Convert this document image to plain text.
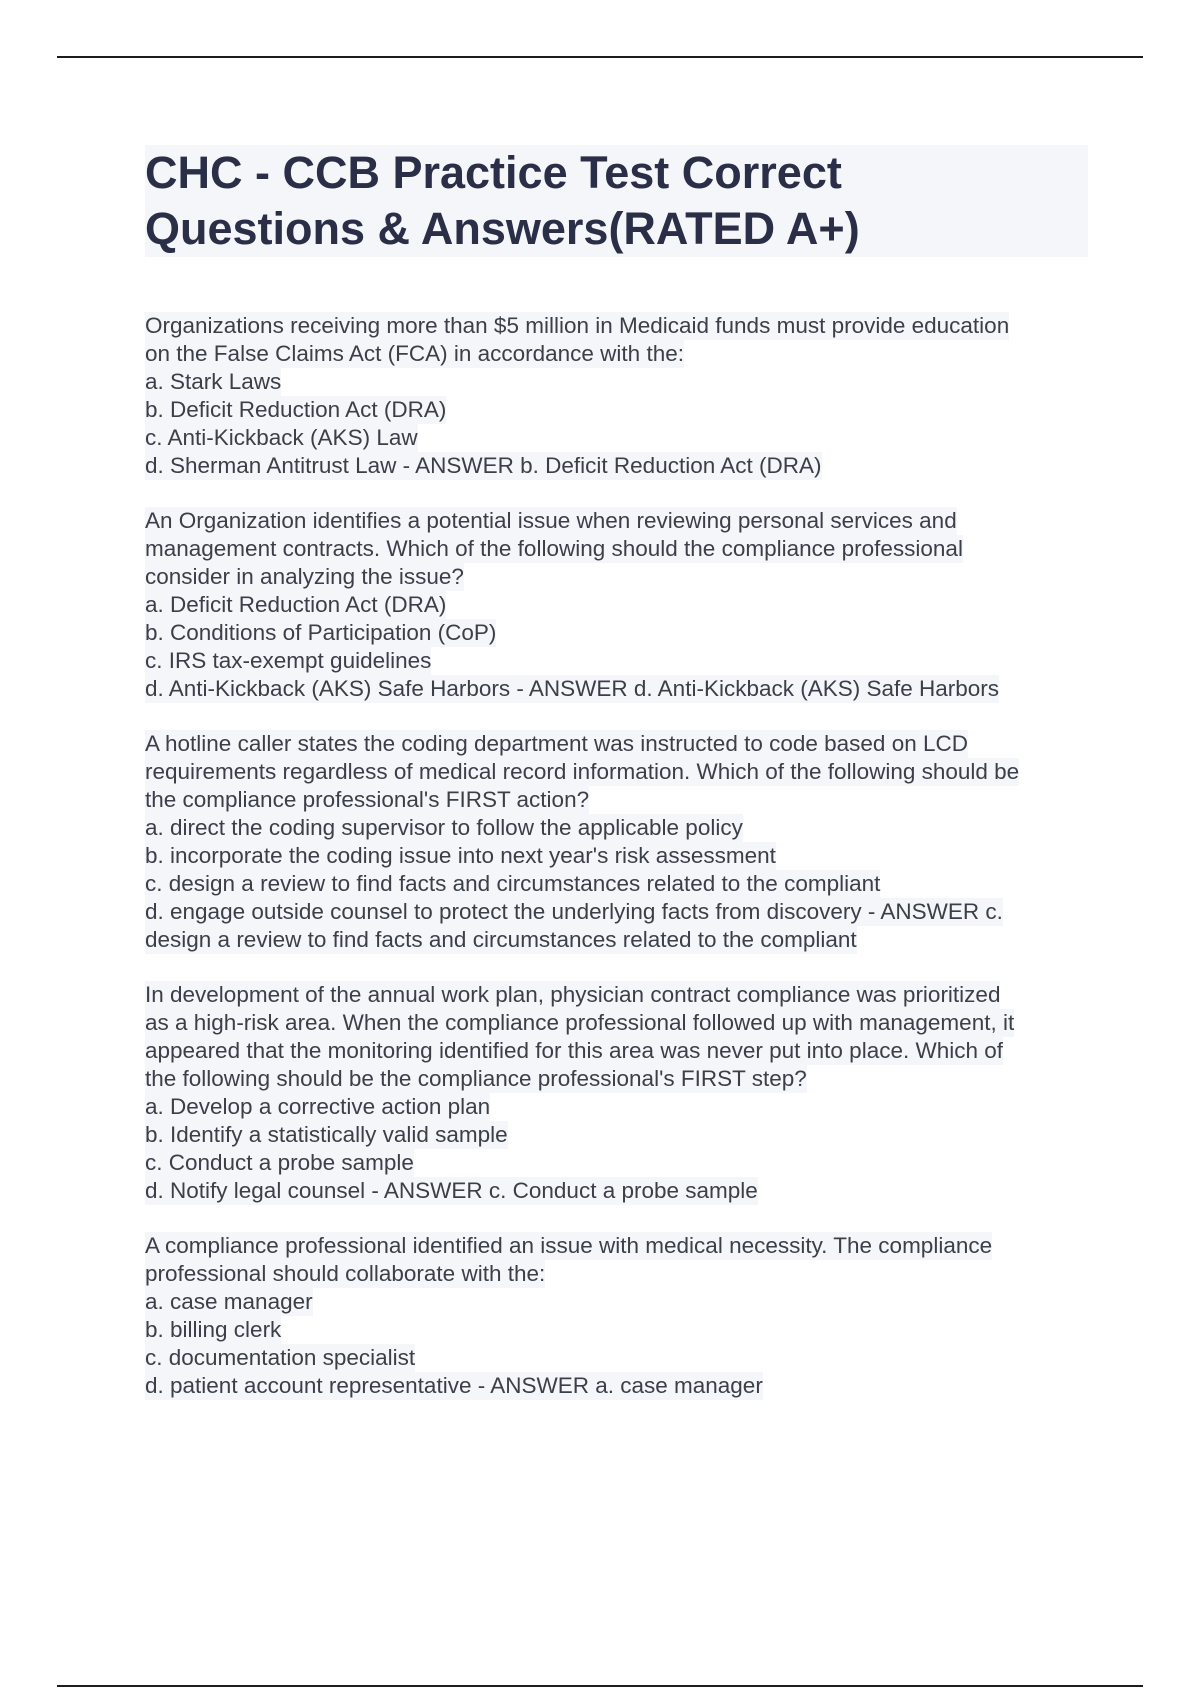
CHC - CCB Practice Test Correct
Questions & Answers(RATED A+)
Organizations receiving more than $5 million in Medicaid funds must provide education
on the False Claims Act (FCA) in accordance with the:
a. Stark Laws
b. Deficit Reduction Act (DRA)
c. Anti-Kickback (AKS) Law
d. Sherman Antitrust Law - ANSWER b. Deficit Reduction Act (DRA)
An Organization identifies a potential issue when reviewing personal services and
management contracts. Which of the following should the compliance professional
consider in analyzing the issue?
a. Deficit Reduction Act (DRA)
b. Conditions of Participation (CoP)
c. IRS tax-exempt guidelines
d. Anti-Kickback (AKS) Safe Harbors - ANSWER d. Anti-Kickback (AKS) Safe Harbors
A hotline caller states the coding department was instructed to code based on LCD
requirements regardless of medical record information. Which of the following should be
the compliance professional's FIRST action?
a. direct the coding supervisor to follow the applicable policy
b. incorporate the coding issue into next year's risk assessment
c. design a review to find facts and circumstances related to the compliant
d. engage outside counsel to protect the underlying facts from discovery - ANSWER c.
design a review to find facts and circumstances related to the compliant
In development of the annual work plan, physician contract compliance was prioritized
as a high-risk area. When the compliance professional followed up with management, it
appeared that the monitoring identified for this area was never put into place. Which of
the following should be the compliance professional's FIRST step?
a. Develop a corrective action plan
b. Identify a statistically valid sample
c. Conduct a probe sample
d. Notify legal counsel - ANSWER c. Conduct a probe sample
A compliance professional identified an issue with medical necessity. The compliance
professional should collaborate with the:
a. case manager
b. billing clerk
c. documentation specialist
d. patient account representative - ANSWER a. case manager
